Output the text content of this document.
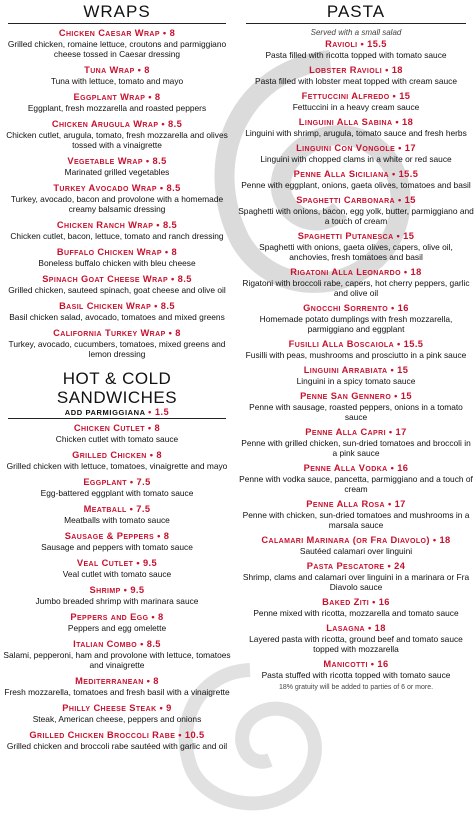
WRAPS
Chicken Caesar Wrap • 8
Grilled chicken, romaine lettuce, croutons and parmiggiano cheese tossed in Caesar dressing
Tuna Wrap • 8
Tuna with lettuce, tomato and mayo
Eggplant Wrap • 8
Eggplant, fresh mozzarella and roasted peppers
Chicken Arugula Wrap • 8.5
Chicken cutlet, arugula, tomato, fresh mozzarella and olives tossed with a vinaigrette
Vegetable Wrap • 8.5
Marinated grilled vegetables
Turkey Avocado Wrap • 8.5
Turkey, avocado, bacon and provolone with a homemade creamy balsamic dressing
Chicken Ranch Wrap • 8.5
Chicken cutlet, bacon, lettuce, tomato and ranch dressing
Buffalo Chicken Wrap • 8
Boneless buffalo chicken with bleu cheese
Spinach Goat Cheese Wrap • 8.5
Grilled chicken, sauteed spinach, goat cheese and olive oil
Basil Chicken Wrap • 8.5
Basil chicken salad, avocado, tomatoes and mixed greens
California Turkey Wrap • 8
Turkey, avocado, cucumbers, tomatoes, mixed greens and lemon dressing
HOT & COLD SANDWICHES
ADD PARMIGGIANA • 1.5
Chicken Cutlet • 8
Chicken cutlet with tomato sauce
Grilled Chicken • 8
Grilled chicken with lettuce, tomatoes, vinaigrette and mayo
Eggplant • 7.5
Egg-battered eggplant with tomato sauce
Meatball • 7.5
Meatballs with tomato sauce
Sausage & Peppers • 8
Sausage and peppers with tomato sauce
Veal Cutlet • 9.5
Veal cutlet with tomato sauce
Shrimp • 9.5
Jumbo breaded shrimp with marinara sauce
Peppers and Egg • 8
Peppers and egg omelette
Italian Combo • 8.5
Salami, pepperoni, ham and provolone with lettuce, tomatoes and vinaigrette
Mediterranean • 8
Fresh mozzarella, tomatoes and fresh basil with a vinaigrette
Philly Cheese Steak • 9
Steak, American cheese, peppers and onions
Grilled Chicken Broccoli Rabe • 10.5
Grilled chicken and broccoli rabe sautéed with garlic and oil
PASTA
Served with a small salad
Ravioli • 15.5
Pasta filled with ricotta topped with tomato sauce
Lobster Ravioli • 18
Pasta filled with lobster meat topped with cream sauce
Fettuccini Alfredo • 15
Fettuccini in a heavy cream sauce
Linguini Alla Sabina • 18
Linguini with shrimp, arugula, tomato sauce and fresh herbs
Linguini Con Vongole • 17
Linguini with chopped clams in a white or red sauce
Penne Alla Siciliana • 15.5
Penne with eggplant, onions, gaeta olives, tomatoes and basil
Spaghetti Carbonara • 15
Spaghetti with onions, bacon, egg yolk, butter, parmiggiano and a touch of cream
Spaghetti Putanesca • 15
Spaghetti with onions, gaeta olives, capers, olive oil, anchovies, fresh tomatoes and basil
Rigatoni Alla Leonardo • 18
Rigatoni with broccoli rabe, capers, hot cherry peppers, garlic and olive oil
Gnocchi Sorrento • 16
Homemade potato dumplings with fresh mozzarella, parmiggiano and eggplant
Fusilli Alla Boscaiola • 15.5
Fusilli with peas, mushrooms and prosciutto in a pink sauce
Linguini Arrabiata • 15
Linguini in a spicy tomato sauce
Penne San Gennero • 15
Penne with sausage, roasted peppers, onions in a tomato sauce
Penne Alla Capri • 17
Penne with grilled chicken, sun-dried tomatoes and broccoli in a pink sauce
Penne Alla Vodka • 16
Penne with vodka sauce, pancetta, parmiggiano and a touch of cream
Penne Alla Rosa • 17
Penne with chicken, sun-dried tomatoes and mushrooms in a marsala sauce
Calamari Marinara (or Fra Diavolo) • 18
Sautéed calamari over linguini
Pasta Pescatore • 24
Shrimp, clams and calamari over linguini in a marinara or Fra Diavolo sauce
Baked Ziti • 16
Penne mixed with ricotta, mozzarella and tomato sauce
Lasagna • 18
Layered pasta with ricotta, ground beef and tomato sauce topped with mozzarella
Manicotti • 16
Pasta stuffed with ricotta topped with tomato sauce
18% gratuity will be added to parties of 6 or more.
